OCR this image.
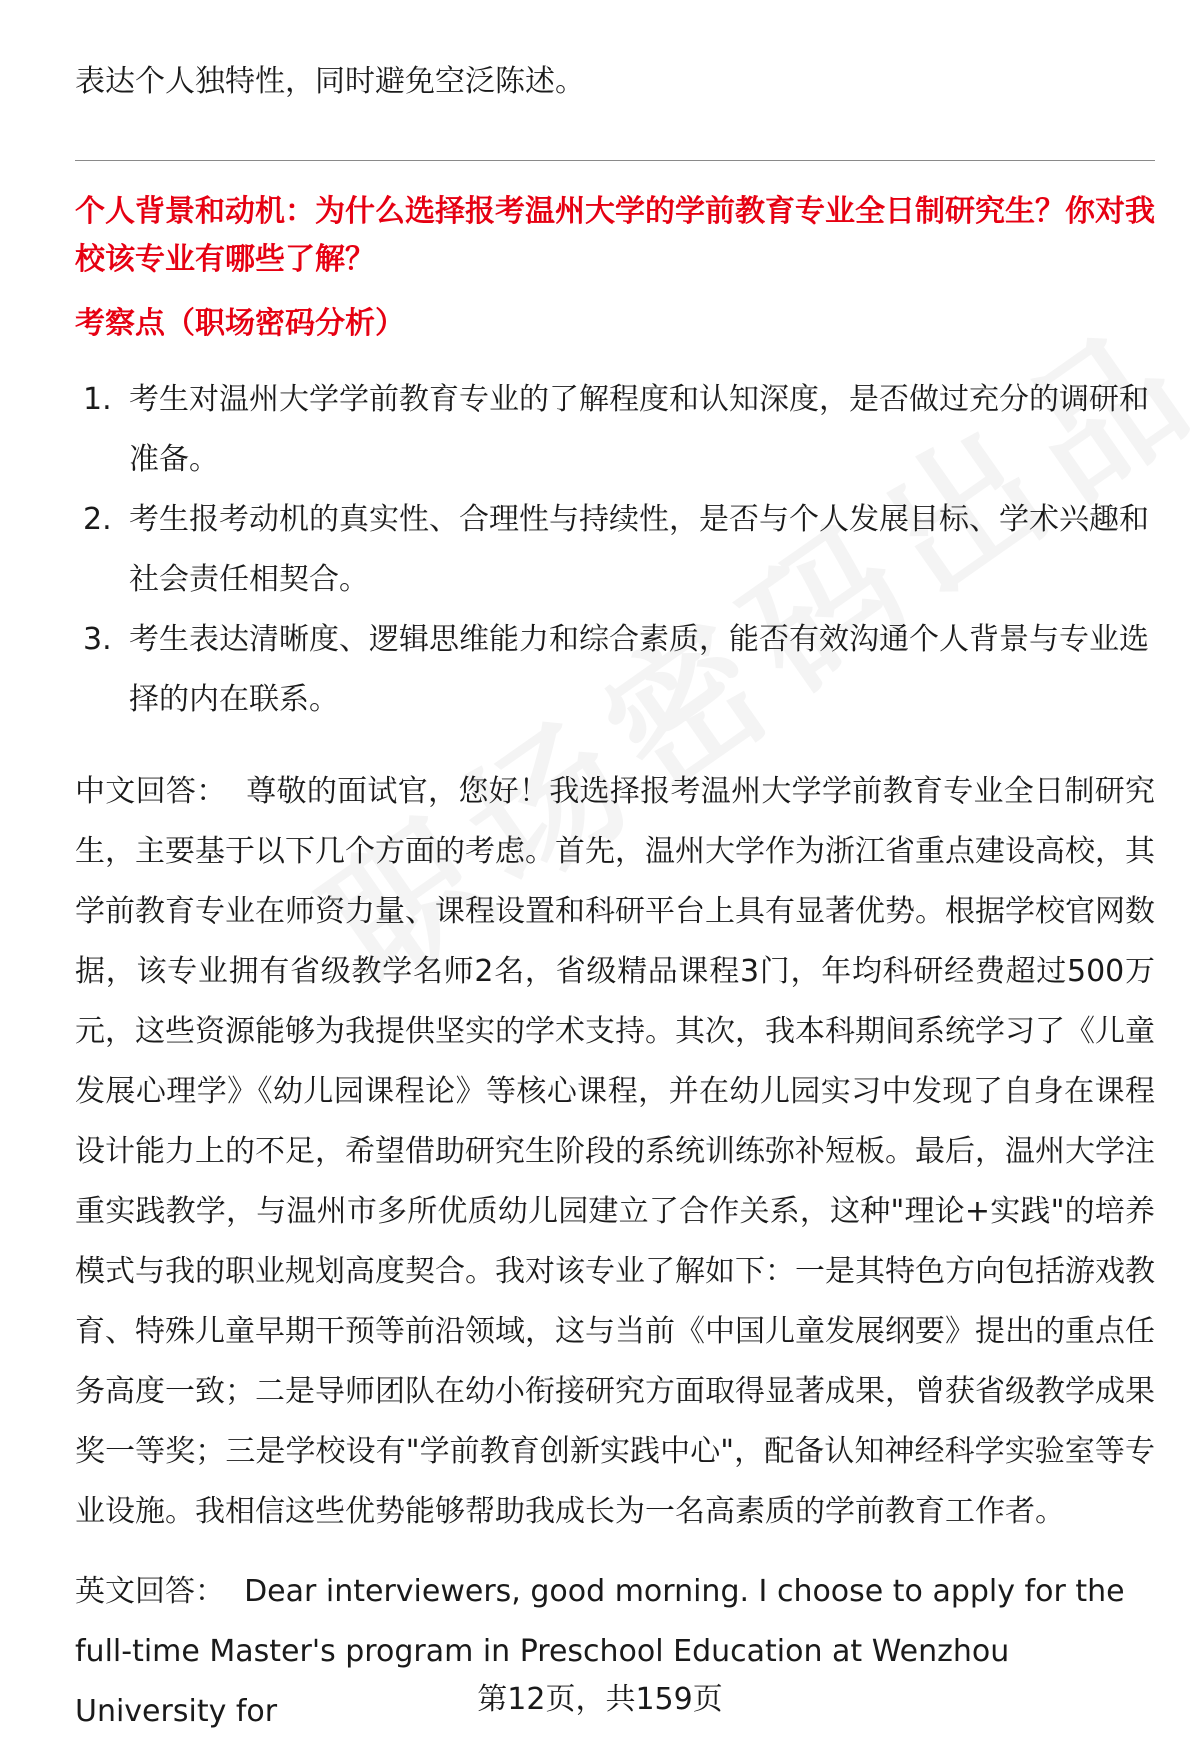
表达个人独特性，同时避免空泛陈述。

个人背景和动机：为什么选择报考温州大学的学前教育专业全日制研究生？你对我校该专业有哪些了解？

考察点（职场密码分析）

1. 考生对温州大学学前教育专业的了解程度和认知深度，是否做过充分的调研和准备。
2. 考生报考动机的真实性、合理性与持续性，是否与个人发展目标、学术兴趣和社会责任相契合。
3. 考生表达清晰度、逻辑思维能力和综合素质，能否有效沟通个人背景与专业选择的内在联系。

中文回答： 尊敬的面试官，您好！我选择报考温州大学学前教育专业全日制研究生，主要基于以下几个方面的考虑。首先，温州大学作为浙江省重点建设高校，其学前教育专业在师资力量、课程设置和科研平台上具有显著优势。根据学校官网数据，该专业拥有省级教学名师2名，省级精品课程3门，年均科研经费超过500万元，这些资源能够为我提供坚实的学术支持。其次，我本科期间系统学习了《儿童发展心理学》《幼儿园课程论》等核心课程，并在幼儿园实习中发现了自身在课程设计能力上的不足，希望借助研究生阶段的系统训练弥补短板。最后，温州大学注重实践教学，与温州市多所优质幼儿园建立了合作关系，这种"理论+实践"的培养模式与我的职业规划高度契合。我对该专业了解如下：一是其特色方向包括游戏教育、特殊儿童早期干预等前沿领域，这与当前《中国儿童发展纲要》提出的重点任务高度一致；二是导师团队在幼小衔接研究方面取得显著成果，曾获省级教学成果奖一等奖；三是学校设有"学前教育创新实践中心"，配备认知神经科学实验室等专业设施。我相信这些优势能够帮助我成长为一名高素质的学前教育工作者。

英文回答： Dear interviewers, good morning. I choose to apply for the full-time Master's program in Preschool Education at Wenzhou University for	第12页，共159页
